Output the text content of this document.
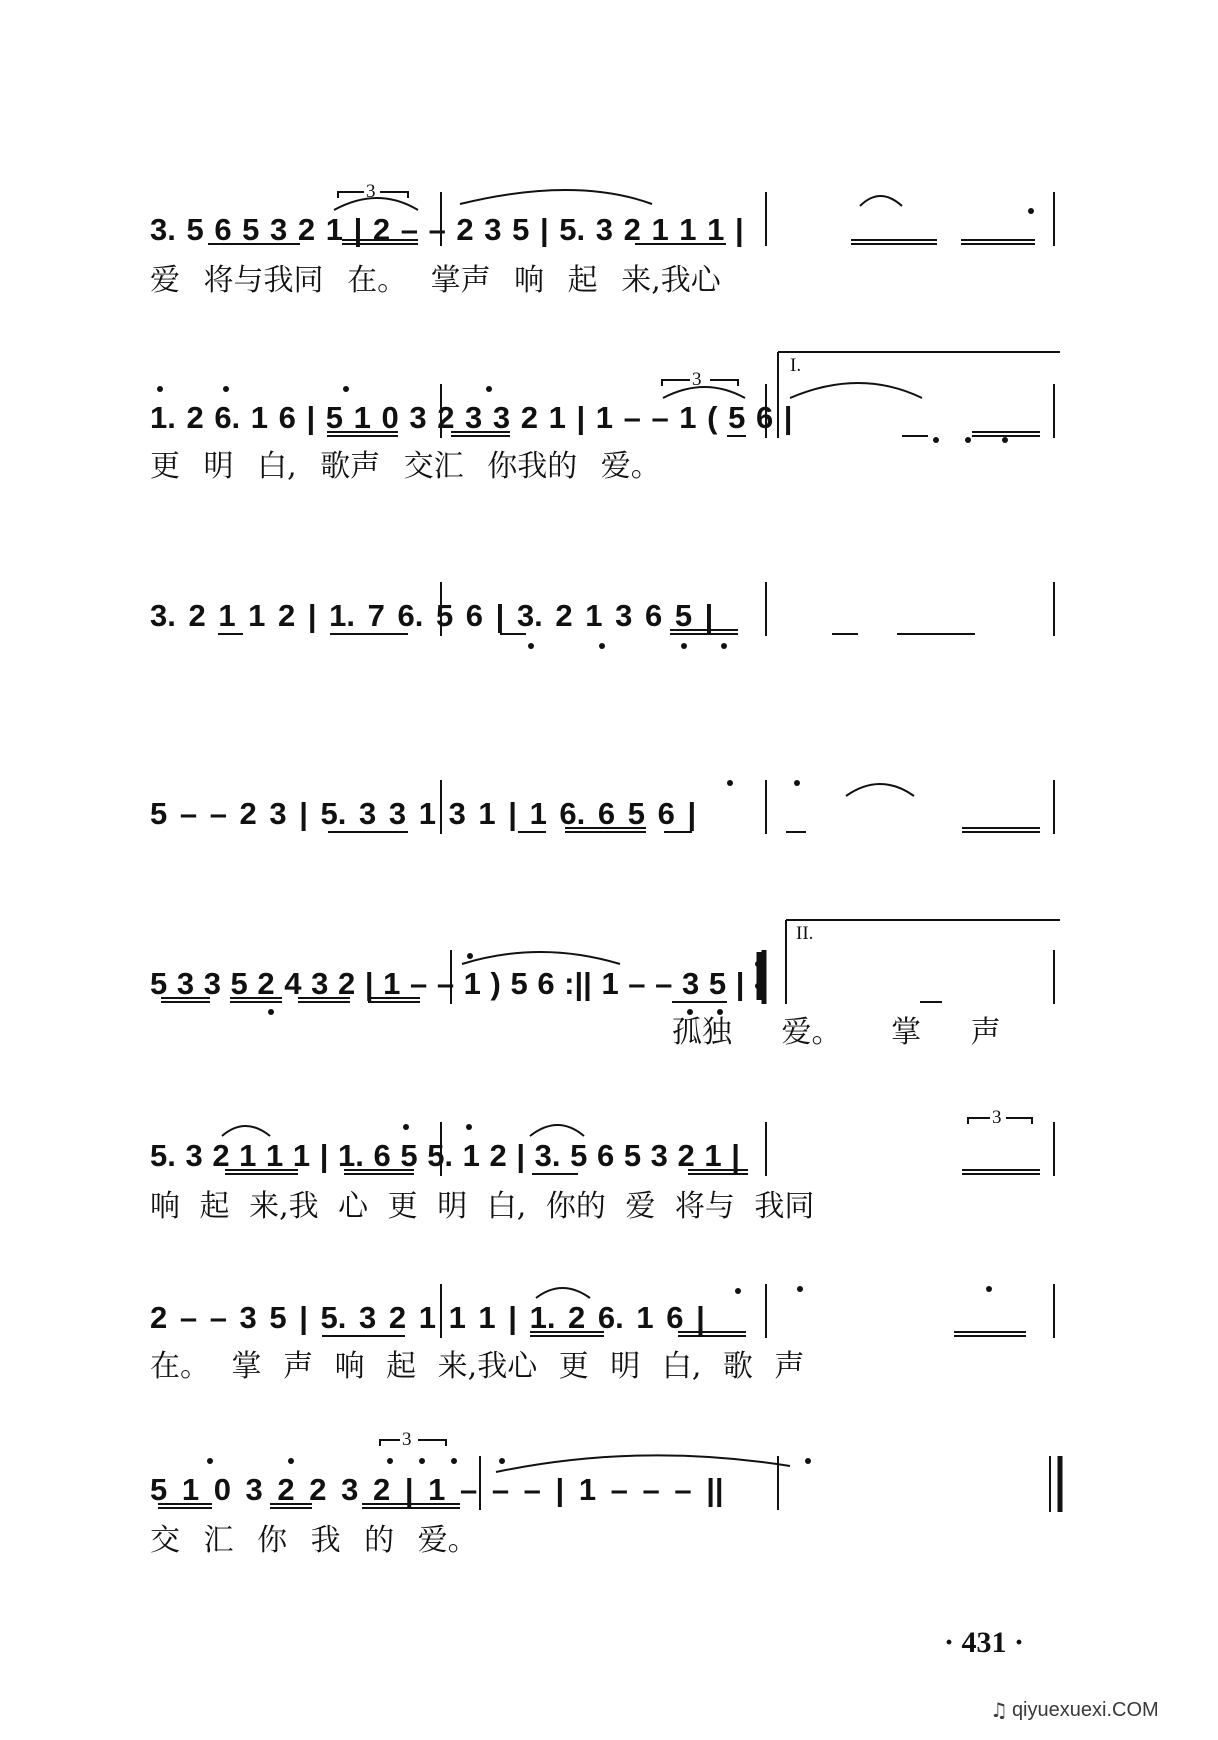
3. 5 6 5 3 2 1 | 2 – – 2 3 5 | 5. 3 2 1 1 1 |
爱 将与我同 在。 掌声 响 起 来,我心
I.
1. 2 6. 1 6 | 5 1 0 3 2 3 3 2 1 | 1 – – 1 ( 5 6 |
更 明 白, 歌声 交汇 你我的 爱。
3. 2 1 1 2 | 1. 7 6. 5 6 | 3. 2 1 3 6 5 |
5 – – 2 3 | 5. 3 3 1 3 1 | 1 6. 6 5 6 |
II.
5 3 3 5 2 4 3 2 | 1 – – 1 ) 5 6 :|| 1 – – 3 5 |
孤独 爱。 掌 声
5. 3 2 1 1 1 | 1. 6 5 5. 1 2 | 3. 5 6 5 3 2 1 |
响 起 来,我 心 更 明 白, 你的 爱 将与 我同
2 – – 3 5 | 5. 3 2 1 1 1 | 1. 2 6. 1 6 |
在。 掌 声 响 起 来,我心 更 明 白, 歌 声
5 1 0 3 2 2 3 2 | 1 – – – | 1 – – – ||
交 汇 你 我 的 爱。
3
3
3
3
· 431 ·
♫ qiyuexuexi.COM
